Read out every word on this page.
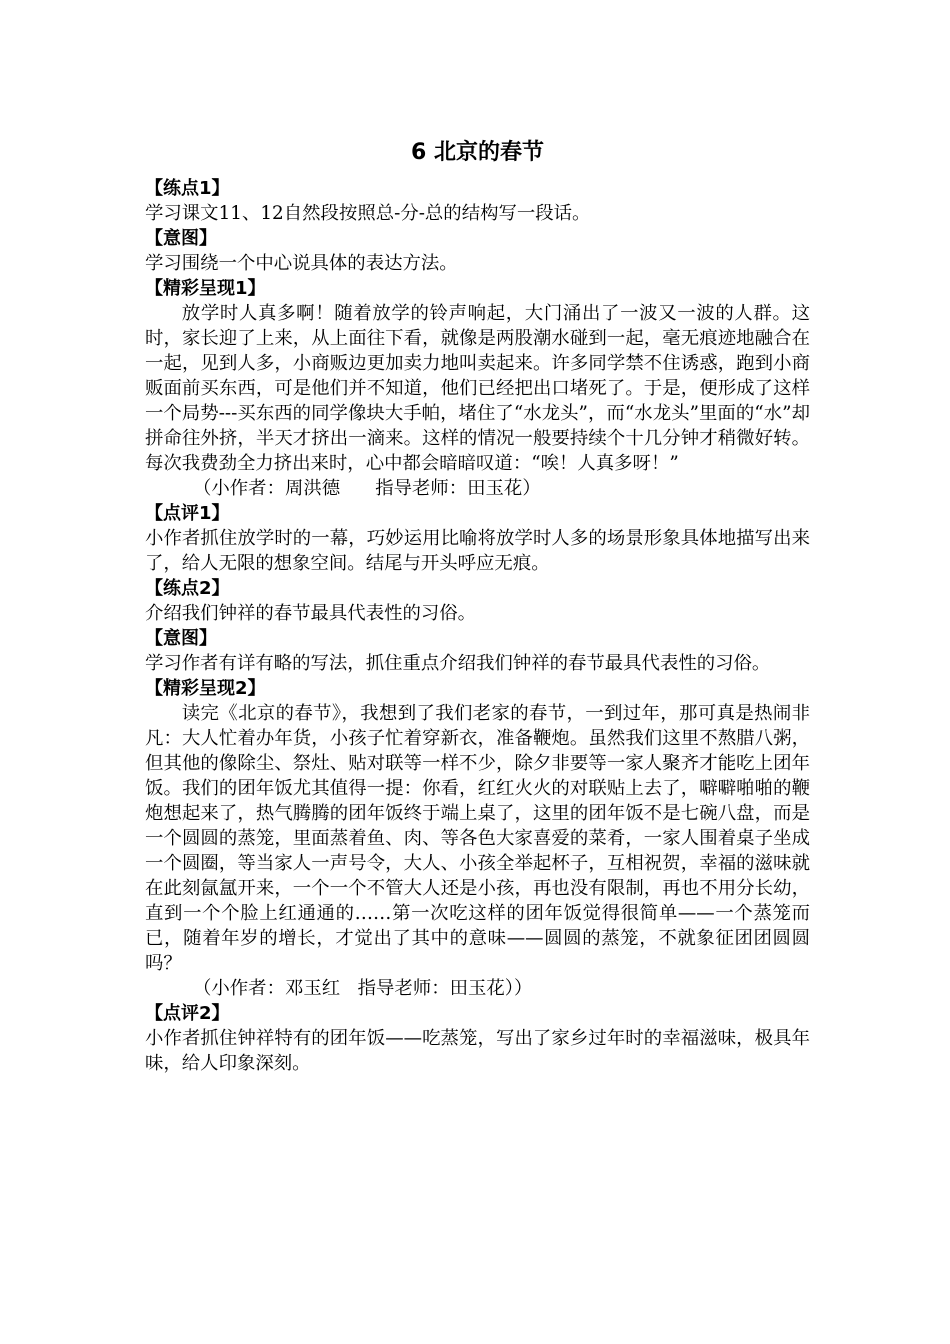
6 北京的春节
【练点1】
学习课文11、12自然段按照总-分-总的结构写一段话。
【意图】
学习围绕一个中心说具体的表达方法。
【精彩呈现1】
放学时人真多啊！随着放学的铃声响起，大门涌出了一波又一波的人群。这时，家长迎了上来，从上面往下看，就像是两股潮水碰到一起，毫无痕迹地融合在一起，见到人多，小商贩边更加卖力地叫卖起来。许多同学禁不住诱惑，跑到小商贩面前买东西，可是他们并不知道，他们已经把出口堵死了。于是，便形成了这样一个局势---买东西的同学像块大手帕，堵住了“水龙头”，而“水龙头”里面的“水”却拼命往外挤，半天才挤出一滴来。这样的情况一般要持续个十几分钟才稍微好转。每次我费劲全力挤出来时，心中都会暗暗叹道：“唉！人真多呀！”
（小作者：周洪德      指导老师：田玉花）
【点评1】
小作者抓住放学时的一幕，巧妙运用比喻将放学时人多的场景形象具体地描写出来了，给人无限的想象空间。结尾与开头呼应无痕。
【练点2】
介绍我们钟祥的春节最具代表性的习俗。
【意图】
学习作者有详有略的写法，抓住重点介绍我们钟祥的春节最具代表性的习俗。
【精彩呈现2】
读完《北京的春节》，我想到了我们老家的春节，一到过年，那可真是热闹非凡：大人忙着办年货，小孩子忙着穿新衣，准备鞭炮。虽然我们这里不熬腊八粥，但其他的像除尘、祭灶、贴对联等一样不少，除夕非要等一家人聚齐才能吃上团年饭。我们的团年饭尤其值得一提：你看，红红火火的对联贴上去了，噼噼啪啪的鞭炮想起来了，热气腾腾的团年饭终于端上桌了，这里的团年饭不是七碗八盘，而是一个圆圆的蒸笼，里面蒸着鱼、肉、等各色大家喜爱的菜肴，一家人围着桌子坐成一个圆圈，等当家人一声号令，大人、小孩全举起杯子，互相祝贺，幸福的滋味就在此刻氤氲开来，一个一个不管大人还是小孩，再也没有限制，再也不用分长幼，直到一个个脸上红通通的……第一次吃这样的团年饭觉得很简单——一个蒸笼而已，随着年岁的增长，才觉出了其中的意味——圆圆的蒸笼，不就象征团团圆圆吗？
（小作者：邓玉红   指导老师：田玉花））
【点评2】
小作者抓住钟祥特有的团年饭——吃蒸笼，写出了家乡过年时的幸福滋味，极具年味，给人印象深刻。
